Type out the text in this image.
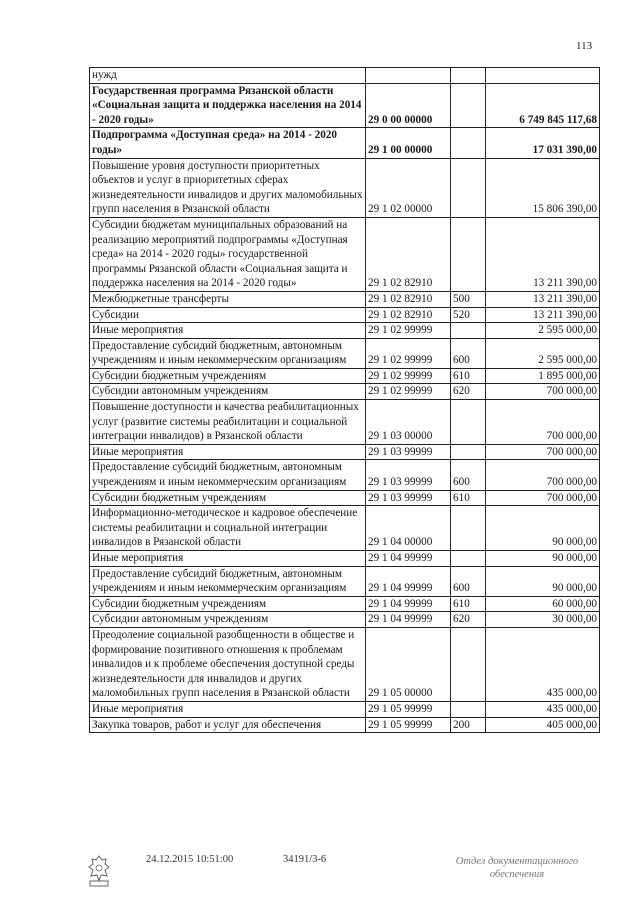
113
нужд			
Государственная программа Рязанской области «Социальная защита и поддержка населения на 2014 - 2020 годы»	29 0 00 00000		6 749 845 117,68
Подпрограмма «Доступная среда» на 2014 - 2020 годы»	29 1 00 00000		17 031 390,00
Повышение уровня доступности приоритетных объектов и услуг в приоритетных сферах жизнедеятельности инвалидов и других маломобильных групп населения в Рязанской области	29 1 02 00000		15 806 390,00
Субсидии бюджетам муниципальных образований на реализацию мероприятий подпрограммы «Доступная среда» на 2014 - 2020 годы» государственной программы Рязанской области «Социальная защита и поддержка населения на 2014 - 2020 годы»	29 1 02 82910		13 211 390,00
Межбюджетные трансферты	29 1 02 82910	500	13 211 390,00
Субсидии	29 1 02 82910	520	13 211 390,00
Иные мероприятия	29 1 02 99999		2 595 000,00
Предоставление субсидий бюджетным, автономным учреждениям и иным некоммерческим организациям	29 1 02 99999	600	2 595 000,00
Субсидии бюджетным учреждениям	29 1 02 99999	610	1 895 000,00
Субсидии автономным учреждениям	29 1 02 99999	620	700 000,00
Повышение доступности и качества реабилитационных услуг (развитие системы реабилитации и социальной интеграции инвалидов) в Рязанской области	29 1 03 00000		700 000,00
Иные мероприятия	29 1 03 99999		700 000,00
Предоставление субсидий бюджетным, автономным учреждениям и иным некоммерческим организациям	29 1 03 99999	600	700 000,00
Субсидии бюджетным учреждениям	29 1 03 99999	610	700 000,00
Информационно-методическое и кадровое обеспечение системы реабилитации и социальной интеграции инвалидов в Рязанской области	29 1 04 00000		90 000,00
Иные мероприятия	29 1 04 99999		90 000,00
Предоставление субсидий бюджетным, автономным учреждениям и иным некоммерческим организациям	29 1 04 99999	600	90 000,00
Субсидии бюджетным учреждениям	29 1 04 99999	610	60 000,00
Субсидии автономным учреждениям	29 1 04 99999	620	30 000,00
Преодоление социальной разобщенности в обществе и формирование позитивного отношения к проблемам инвалидов и к проблеме обеспечения доступной среды жизнедеятельности для инвалидов и других маломобильных групп населения в Рязанской области	29 1 05 00000		435 000,00
Иные мероприятия	29 1 05 99999		435 000,00
Закупка товаров, работ и услуг для обеспечения	29 1 05 99999	200	405 000,00
24.12.2015 10:51:00	34191/3-6	Отдел документационного обеспечения
